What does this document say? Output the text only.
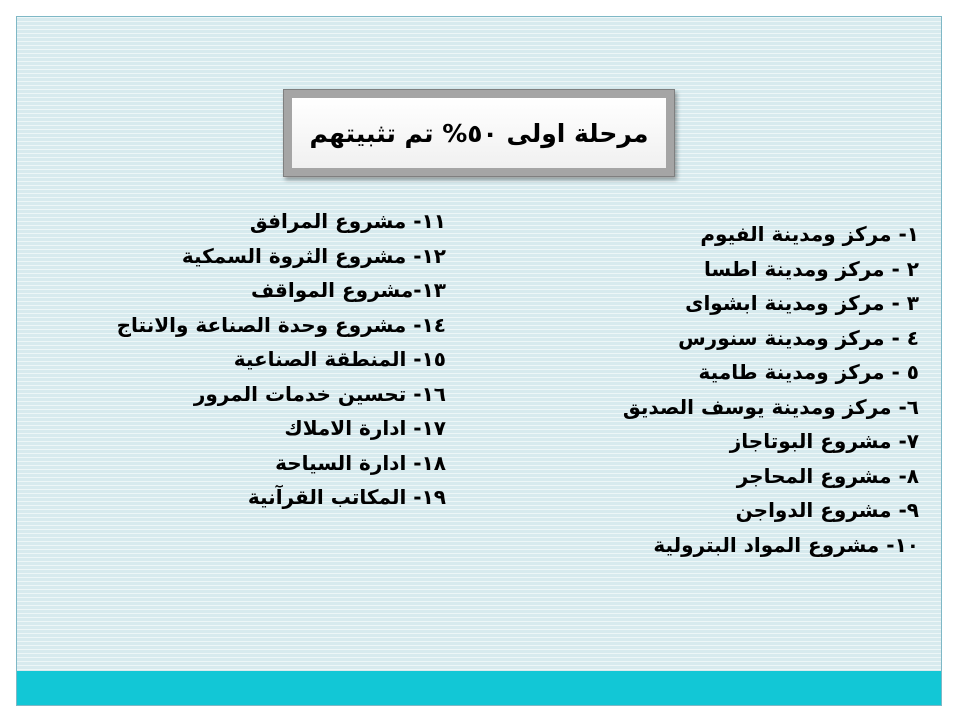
مرحلة اولى ٥٠% تم تثبيتهم
١- مركز ومدينة الفيوم
٢ - مركز ومدينة اطسا
٣ - مركز ومدينة ابشواى
٤ - مركز ومدينة سنورس
٥ - مركز ومدينة طامية
٦- مركز ومدينة يوسف الصديق
٧- مشروع البوتاجاز
٨- مشروع المحاجر
٩- مشروع الدواجن
١٠- مشروع المواد البترولية
١١- مشروع المرافق
١٢- مشروع الثروة السمكية
١٣-مشروع المواقف
١٤- مشروع وحدة الصناعة والانتاج
١٥- المنطقة الصناعية
١٦- تحسين خدمات المرور
١٧- ادارة الاملاك
١٨- ادارة السياحة
١٩- المكاتب القرآنية
